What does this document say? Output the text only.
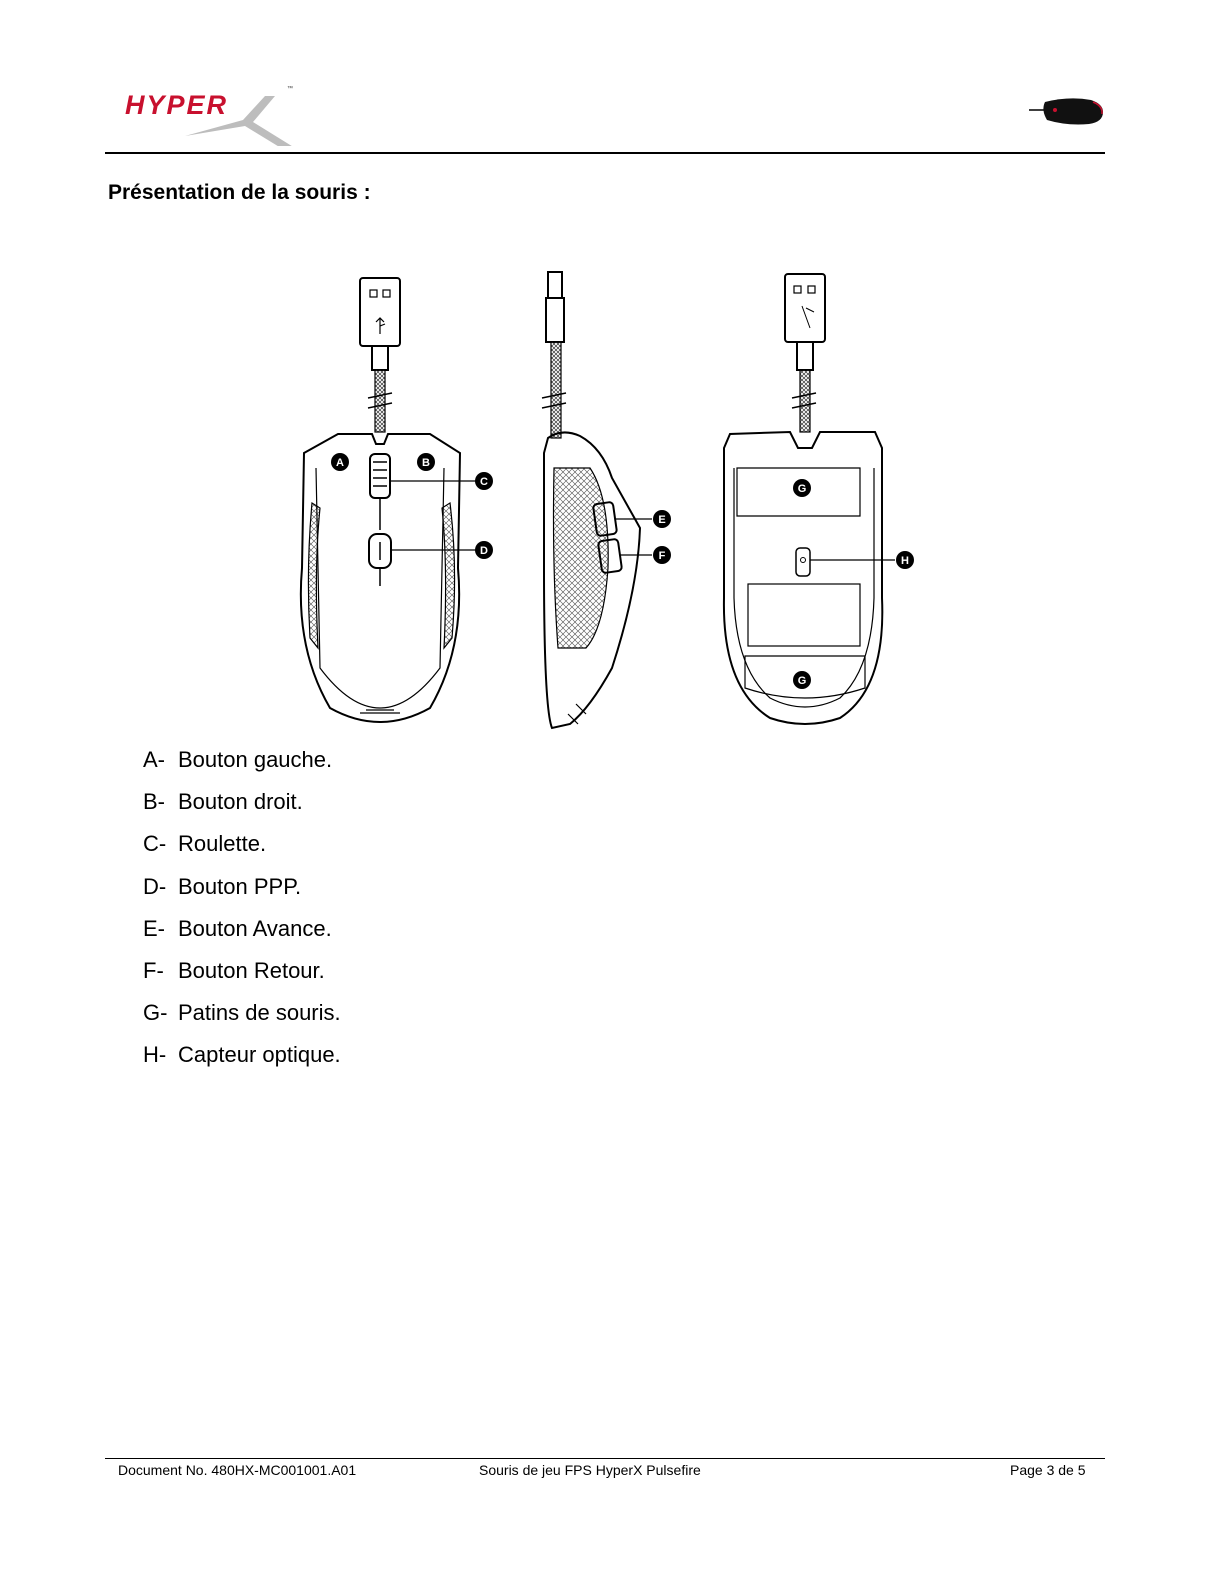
HYPER
™
Présentation de la souris :
A	B
C
D
E
F
G
H
G
A- Bouton gauche.
B- Bouton droit.
C- Roulette.
D- Bouton PPP.
E- Bouton Avance.
F- Bouton Retour.
G- Patins de souris.
H- Capteur optique.
Document No. 480HX-MC001001.A01	Souris de jeu FPS HyperX Pulsefire	Page 3 de 5
